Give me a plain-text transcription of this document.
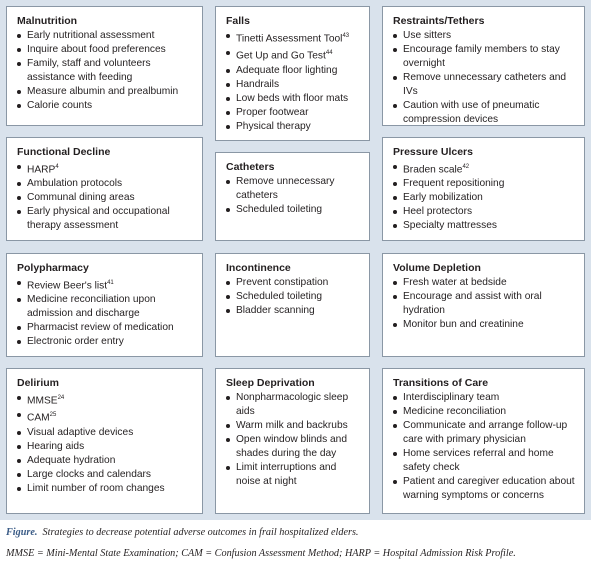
Malnutrition
Early nutritional assessment
Inquire about food preferences
Family, staff and volunteers assistance with feeding
Measure albumin and prealbumin
Calorie counts
Falls
Tinetti Assessment Tool$^{43}$
Get Up and Go Test$^{44}$
Adequate floor lighting
Handrails
Low beds with floor mats
Proper footwear
Physical therapy
Restraints/Tethers
Use sitters
Encourage family members to stay overnight
Remove unnecessary catheters and IVs
Caution with use of pneumatic compression devices
Functional Decline
HARP$^4$
Ambulation protocols
Communal dining areas
Early physical and occupational therapy assessment
Catheters
Remove unnecessary catheters
Scheduled toileting
Pressure Ulcers
Braden scale$^{42}$
Frequent repositioning
Early mobilization
Heel protectors
Specialty mattresses
Polypharmacy
Review Beer's list$^{41}$
Medicine reconciliation upon admission and discharge
Pharmacist review of medication
Electronic order entry
Incontinence
Prevent constipation
Scheduled toileting
Bladder scanning
Volume Depletion
Fresh water at bedside
Encourage and assist with oral hydration
Monitor bun and creatinine
Delirium
MMSE$^{24}$
CAM$^{25}$
Visual adaptive devices
Hearing aids
Adequate hydration
Large clocks and calendars
Limit number of room changes
Sleep Deprivation
Nonpharmacologic sleep aids
Warm milk and backrubs
Open window blinds and shades during the day
Limit interruptions and noise at night
Transitions of Care
Interdisciplinary team
Medicine reconciliation
Communicate and arrange follow-up care with primary physician
Home services referral and home safety check
Patient and caregiver education about warning symptoms or concerns

Figure. Strategies to decrease potential adverse outcomes in frail hospitalized elders.

MMSE = Mini-Mental State Examination; CAM = Confusion Assessment Method; HARP = Hospital Admission Risk Profile.
